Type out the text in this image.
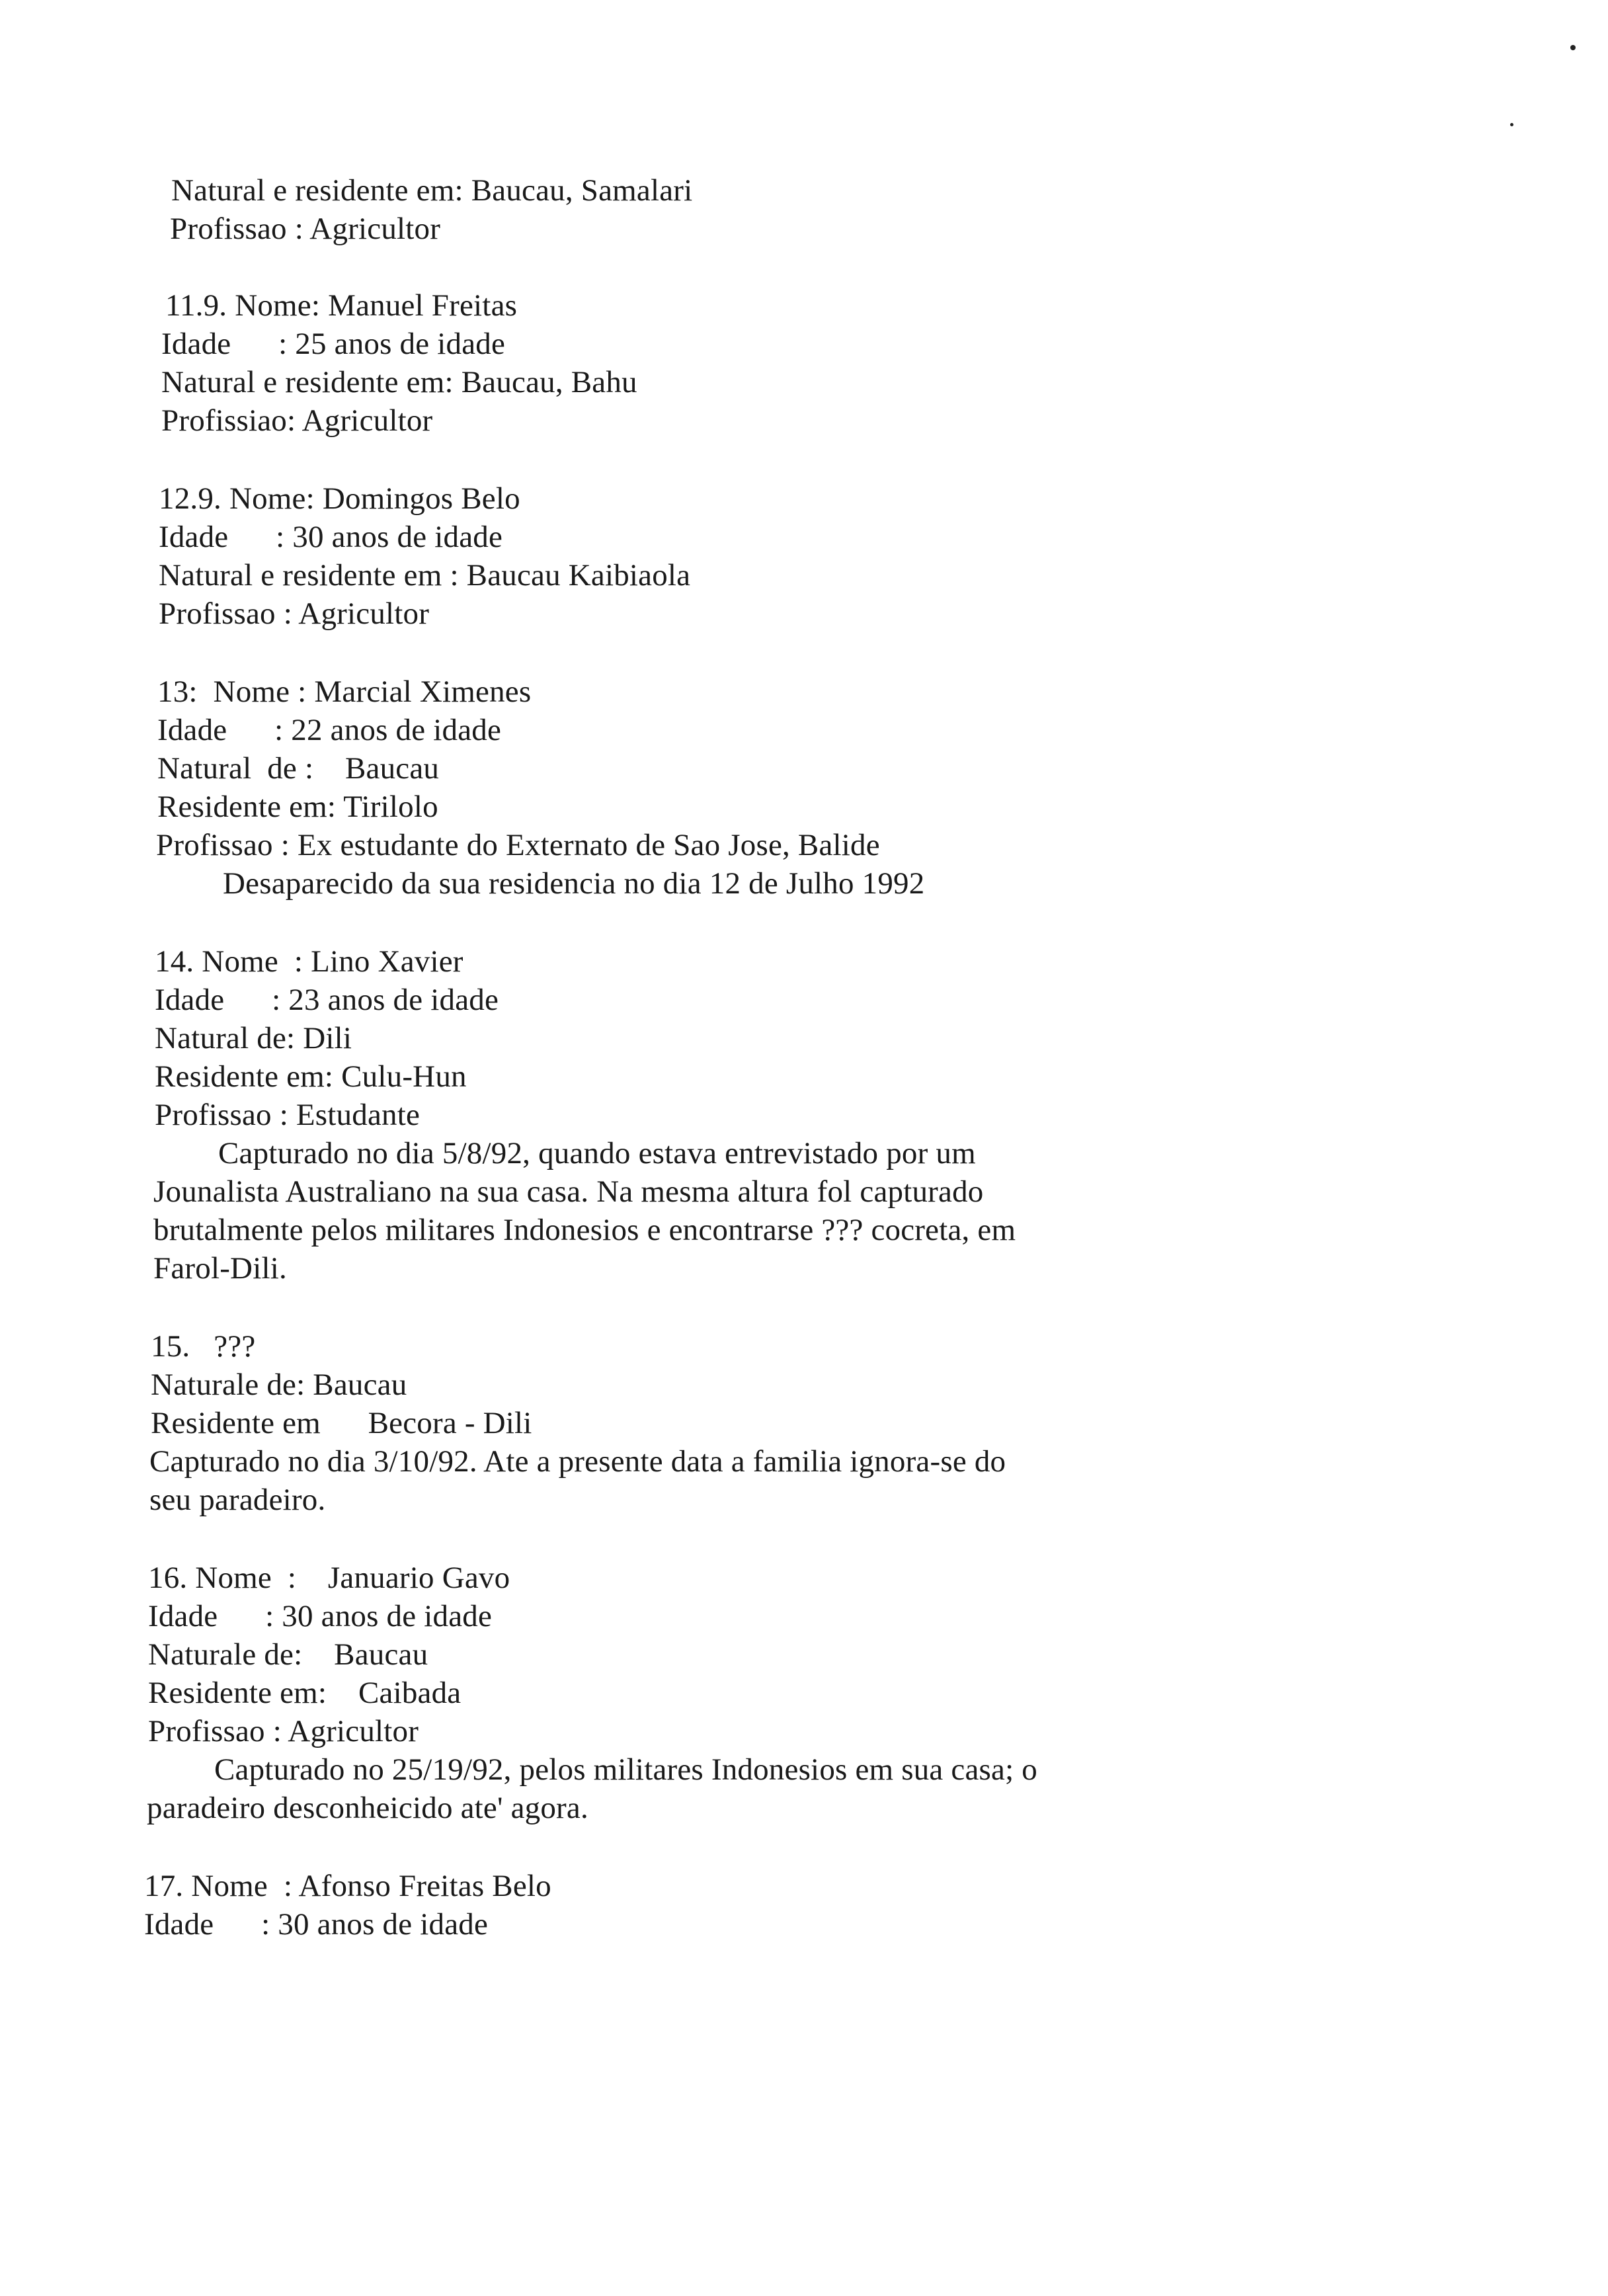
Natural e residente em: Baucau, Samalari
Profissao : Agricultor
11.9. Nome: Manuel Freitas
Idade      : 25 anos de idade
Natural e residente em: Baucau, Bahu
Profissiao: Agricultor
12.9. Nome: Domingos Belo
Idade      : 30 anos de idade
Natural e residente em : Baucau Kaibiaola
Profissao : Agricultor
13:  Nome : Marcial Ximenes
Idade      : 22 anos de idade
Natural  de :    Baucau
Residente em: Tirilolo
Profissao : Ex estudante do Externato de Sao Jose, Balide
Desaparecido da sua residencia no dia 12 de Julho 1992
14. Nome  : Lino Xavier
Idade      : 23 anos de idade
Natural de: Dili
Residente em: Culu-Hun
Profissao : Estudante
Capturado no dia 5/8/92, quando estava entrevistado por um
Jounalista Australiano na sua casa. Na mesma altura fol capturado
brutalmente pelos militares Indonesios e encontrarse ??? cocreta, em
Farol-Dili.
15.   ???
Naturale de: Baucau
Residente em      Becora - Dili
Capturado no dia 3/10/92. Ate a presente data a familia ignora-se do
seu paradeiro.
16. Nome  :    Januario Gavo
Idade      : 30 anos de idade
Naturale de:    Baucau
Residente em:    Caibada
Profissao : Agricultor
Capturado no 25/19/92, pelos militares Indonesios em sua casa; o
paradeiro desconheicido ate' agora.
17. Nome  : Afonso Freitas Belo
Idade      : 30 anos de idade
